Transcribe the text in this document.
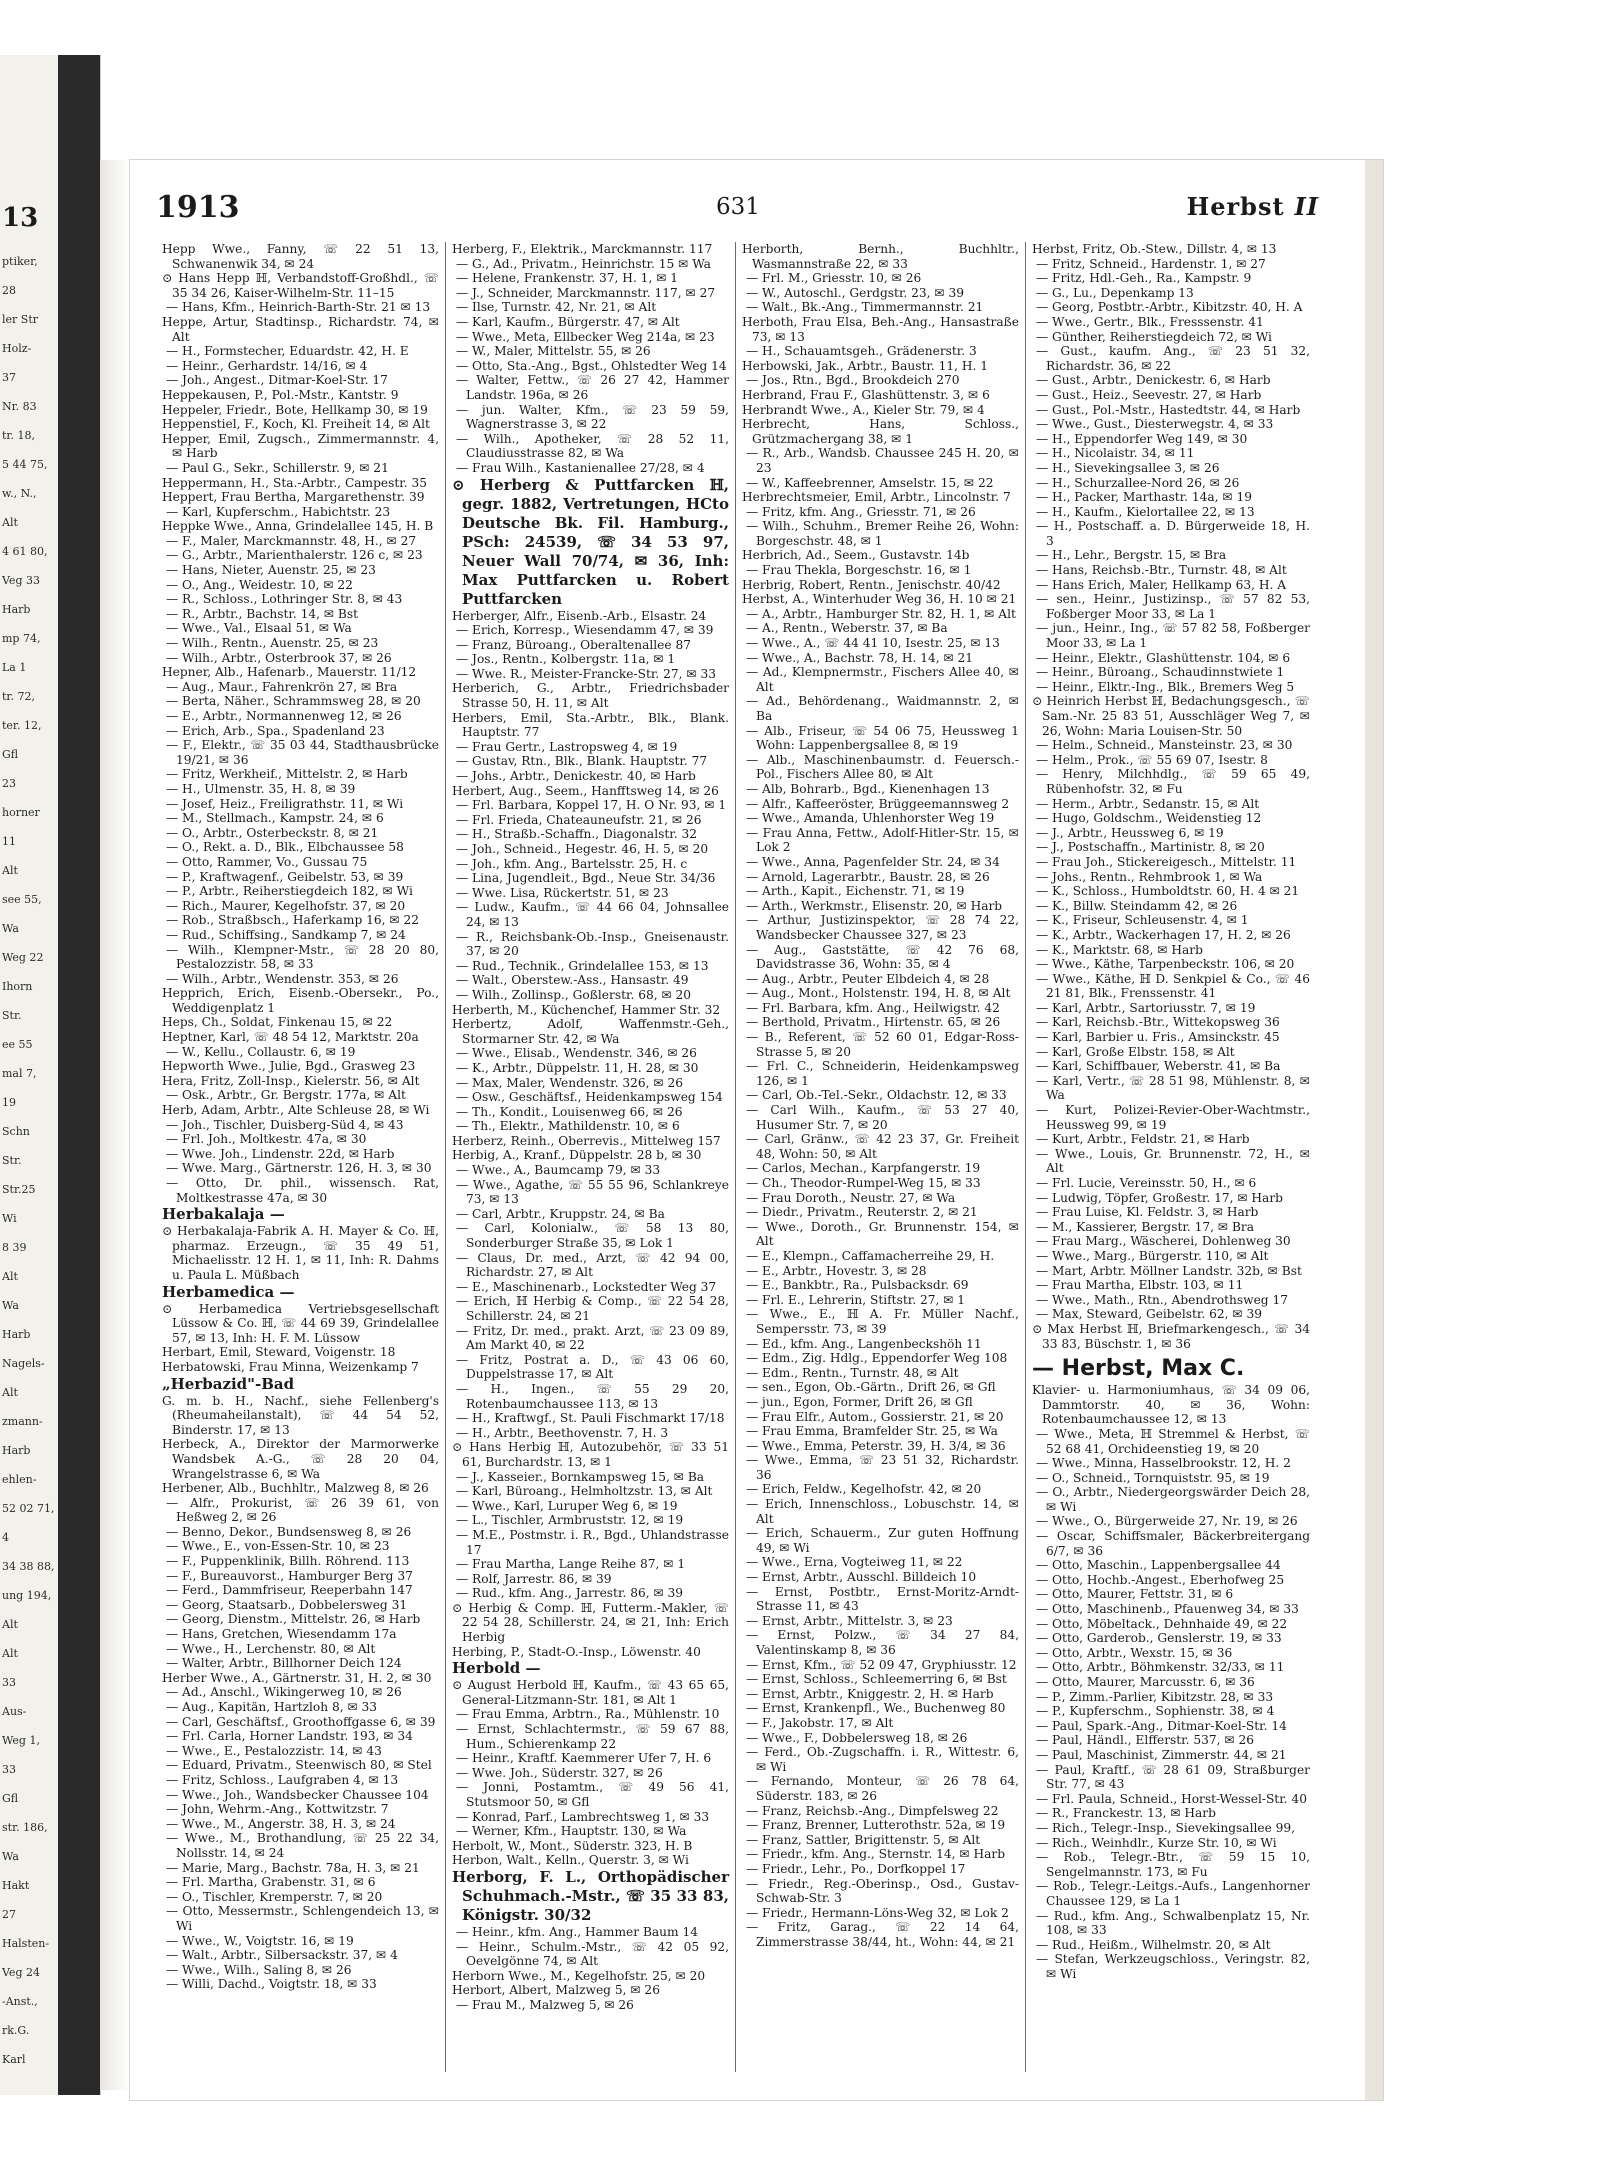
13
ptiker,
28
ler Str
Holz-
37
Nr. 83
tr. 18,
5 44 75,
w., N.,
Alt
4 61 80,
Veg 33
Harb
mp 74,
La 1
tr. 72,
ter. 12,
Gfl
23
horner
11
Alt
see 55,
Wa
Weg 22
Ihorn
Str.
ee 55
mal 7,
19
Schn
Str.
Str.25
Wi
8 39
Alt
Wa
Harb
Nagels-
Alt
zmann-
Harb
ehlen-
52 02 71,
4
34 38 88,
ung 194,
Alt
Alt
33
Aus-
Weg 1,
33
Gfl
str. 186,
Wa
Hakt
27
Halsten-
Veg 24
-Anst.,
rk.G.
Karl
1913	631	Herbst II

Hepp Wwe., Fanny, ☏ 22 51 13, Schwanenwik 34, ✉ 24

⊙ Hans Hepp ℍ, Verbandstoff-Großhdl., ☏ 35 34 26, Kaiser-Wilhelm-Str. 11–15

— Hans, Kfm., Heinrich-Barth-Str. 21 ✉ 13

Heppe, Artur, Stadtinsp., Richardstr. 74, ✉ Alt

— H., Formstecher, Eduardstr. 42, H. E

— Heinr., Gerhardstr. 14/16, ✉ 4

— Joh., Angest., Ditmar-Koel-Str. 17

Heppekausen, P., Pol.-Mstr., Kantstr. 9

Heppeler, Friedr., Bote, Hellkamp 30, ✉ 19

Heppenstiel, F., Koch, Kl. Freiheit 14, ✉ Alt

Hepper, Emil, Zugsch., Zimmermannstr. 4, ✉ Harb

— Paul G., Sekr., Schillerstr. 9, ✉ 21

Heppermann, H., Sta.-Arbtr., Campestr. 35

Heppert, Frau Bertha, Margarethenstr. 39

— Karl, Kupferschm., Habichtstr. 23

Heppke Wwe., Anna, Grindelallee 145, H. B

— F., Maler, Marckmannstr. 48, H., ✉ 27

— G., Arbtr., Marienthalerstr. 126 c, ✉ 23

— Hans, Nieter, Auenstr. 25, ✉ 23

— O., Ang., Weidestr. 10, ✉ 22

— R., Schloss., Lothringer Str. 8, ✉ 43

— R., Arbtr., Bachstr. 14, ✉ Bst

— Wwe., Val., Elsaal 51, ✉ Wa

— Wilh., Rentn., Auenstr. 25, ✉ 23

— Wilh., Arbtr., Osterbrook 37, ✉ 26

Hepner, Alb., Hafenarb., Mauerstr. 11/12

— Aug., Maur., Fahrenkrön 27, ✉ Bra

— Berta, Näher., Schrammsweg 28, ✉ 20

— E., Arbtr., Normannenweg 12, ✉ 26

— Erich, Arb., Spa., Spadenland 23

— F., Elektr., ☏ 35 03 44, Stadthausbrücke 19/21, ✉ 36

— Fritz, Werkheif., Mittelstr. 2, ✉ Harb

— H., Ulmenstr. 35, H. 8, ✉ 39

— Josef, Heiz., Freiligrathstr. 11, ✉ Wi

— M., Stellmach., Kampstr. 24, ✉ 6

— O., Arbtr., Osterbeckstr. 8, ✉ 21

— O., Rekt. a. D., Blk., Elbchaussee 58

— Otto, Rammer, Vo., Gussau 75

— P., Kraftwagenf., Geibelstr. 53, ✉ 39

— P., Arbtr., Reiherstiegdeich 182, ✉ Wi

— Rich., Maurer, Kegelhofstr. 37, ✉ 20

— Rob., Straßbsch., Haferkamp 16, ✉ 22

— Rud., Schiffsing., Sandkamp 7, ✉ 24

— Wilh., Klempner-Mstr., ☏ 28 20 80, Pestalozzistr. 58, ✉ 33

— Wilh., Arbtr., Wendenstr. 353, ✉ 26

Hepprich, Erich, Eisenb.-Obersekr., Po., Weddigenplatz 1

Heps, Ch., Soldat, Finkenau 15, ✉ 22

Heptner, Karl, ☏ 48 54 12, Marktstr. 20a

— W., Kellu., Collaustr. 6, ✉ 19

Hepworth Wwe., Julie, Bgd., Grasweg 23

Hera, Fritz, Zoll-Insp., Kielerstr. 56, ✉ Alt

— Osk., Arbtr., Gr. Bergstr. 177a, ✉ Alt

Herb, Adam, Arbtr., Alte Schleuse 28, ✉ Wi

— Joh., Tischler, Duisberg-Süd 4, ✉ 43

— Frl. Joh., Moltkestr. 47a, ✉ 30

— Wwe. Joh., Lindenstr. 22d, ✉ Harb

— Wwe. Marg., Gärtnerstr. 126, H. 3, ✉ 30

— Otto, Dr. phil., wissensch. Rat, Moltkestrasse 47a, ✉ 30

Herbakalaja —

⊙ Herbakalaja-Fabrik A. H. Mayer & Co. ℍ, pharmaz. Erzeugn., ☏ 35 49 51, Michaelisstr. 12 H. 1, ✉ 11, Inh: R. Dahms u. Paula L. Müßbach

Herbamedica —

⊙ Herbamedica Vertriebsgesellschaft Lüssow & Co. ℍ, ☏ 44 69 39, Grindelallee 57, ✉ 13, Inh: H. F. M. Lüssow

Herbart, Emil, Steward, Voigenstr. 18

Herbatowski, Frau Minna, Weizenkamp 7

„Herbazid"-Bad

G. m. b. H., Nachf., siehe Fellenberg's (Rheumaheilanstalt), ☏ 44 54 52, Binderstr. 17, ✉ 13

Herbeck, A., Direktor der Marmorwerke Wandsbek A.-G., ☏ 28 20 04, Wrangelstrasse 6, ✉ Wa

Herbener, Alb., Buchhltr., Malzweg 8, ✉ 26

— Alfr., Prokurist, ☏ 26 39 61, von Heßweg 2, ✉ 26

— Benno, Dekor., Bundsensweg 8, ✉ 26

— Wwe., E., von-Essen-Str. 10, ✉ 23

— F., Puppenklinik, Billh. Röhrend. 113

— F., Bureauvorst., Hamburger Berg 37

— Ferd., Dammfriseur, Reeperbahn 147

— Georg, Staatsarb., Dobbelersweg 31

— Georg, Dienstm., Mittelstr. 26, ✉ Harb

— Hans, Gretchen, Wiesendamm 17a

— Wwe., H., Lerchenstr. 80, ✉ Alt

— Walter, Arbtr., Billhorner Deich 124

Herber Wwe., A., Gärtnerstr. 31, H. 2, ✉ 30

— Ad., Anschl., Wikingerweg 10, ✉ 26

— Aug., Kapitän, Hartzloh 8, ✉ 33

— Carl, Geschäftsf., Groothoffgasse 6, ✉ 39

— Frl. Carla, Horner Landstr. 193, ✉ 34

— Wwe., E., Pestalozzistr. 14, ✉ 43

— Eduard, Privatm., Steenwisch 80, ✉ Stel

— Fritz, Schloss., Laufgraben 4, ✉ 13

— Wwe., Joh., Wandsbecker Chaussee 104

— John, Wehrm.-Ang., Kottwitzstr. 7

— Wwe., M., Angerstr. 38, H. 3, ✉ 24

— Wwe., M., Brothandlung, ☏ 25 22 34, Nollsstr. 14, ✉ 24

— Marie, Marg., Bachstr. 78a, H. 3, ✉ 21

— Frl. Martha, Grabenstr. 31, ✉ 6

— O., Tischler, Kremperstr. 7, ✉ 20

— Otto, Messermstr., Schlengendeich 13, ✉ Wi

— Wwe., W., Voigtstr. 16, ✉ 19

— Walt., Arbtr., Silbersackstr. 37, ✉ 4

— Wwe., Wilh., Saling 8, ✉ 26

— Willi, Dachd., Voigtstr. 18, ✉ 33

Herberg, F., Elektrik., Marckmannstr. 117

— G., Ad., Privatm., Heinrichstr. 15 ✉ Wa

— Helene, Frankenstr. 37, H. 1, ✉ 1

— J., Schneider, Marckmannstr. 117, ✉ 27

— Ilse, Turnstr. 42, Nr. 21, ✉ Alt

— Karl, Kaufm., Bürgerstr. 47, ✉ Alt

— Wwe., Meta, Ellbecker Weg 214a, ✉ 23

— W., Maler, Mittelstr. 55, ✉ 26

— Otto, Sta.-Ang., Bgst., Ohlstedter Weg 14

— Walter, Fettw., ☏ 26 27 42, Hammer Landstr. 196a, ✉ 26

— jun. Walter, Kfm., ☏ 23 59 59, Wagnerstrasse 3, ✉ 22

— Wilh., Apotheker, ☏ 28 52 11, Claudiusstrasse 82, ✉ Wa

— Frau Wilh., Kastanienallee 27/28, ✉ 4

⊙ Herberg & Puttfarcken ℍ, gegr. 1882, Vertretungen, HCto Deutsche Bk. Fil. Hamburg., PSch: 24539, ☏ 34 53 97, Neuer Wall 70/74, ✉ 36, Inh: Max Puttfarcken u. Robert Puttfarcken

Herberger, Alfr., Eisenb.-Arb., Elsastr. 24

— Erich, Korresp., Wiesendamm 47, ✉ 39

— Franz, Büroang., Oberaltenallee 87

— Jos., Rentn., Kolbergstr. 11a, ✉ 1

— Wwe. R., Meister-Francke-Str. 27, ✉ 33

Herberich, G., Arbtr., Friedrichsbader Strasse 50, H. 11, ✉ Alt

Herbers, Emil, Sta.-Arbtr., Blk., Blank. Hauptstr. 77

— Frau Gertr., Lastropsweg 4, ✉ 19

— Gustav, Rtn., Blk., Blank. Hauptstr. 77

— Johs., Arbtr., Denickestr. 40, ✉ Harb

Herbert, Aug., Seem., Hanfftsweg 14, ✉ 26

— Frl. Barbara, Koppel 17, H. O Nr. 93, ✉ 1

— Frl. Frieda, Chateauneufstr. 21, ✉ 26

— H., Straßb.-Schaffn., Diagonalstr. 32

— Joh., Schneid., Hegestr. 46, H. 5, ✉ 20

— Joh., kfm. Ang., Bartelsstr. 25, H. c

— Lina, Jugendleit., Bgd., Neue Str. 34/36

— Wwe. Lisa, Rückertstr. 51, ✉ 23

— Ludw., Kaufm., ☏ 44 66 04, Johnsallee 24, ✉ 13

— R., Reichsbank-Ob.-Insp., Gneisenaustr. 37, ✉ 20

— Rud., Technik., Grindelallee 153, ✉ 13

— Walt., Oberstew.-Ass., Hansastr. 49

— Wilh., Zollinsp., Goßlerstr. 68, ✉ 20

Herberth, M., Küchenchef, Hammer Str. 32

Herbertz, Adolf, Waffenmstr.-Geh., Stormarner Str. 42, ✉ Wa

— Wwe., Elisab., Wendenstr. 346, ✉ 26

— K., Arbtr., Düppelstr. 11, H. 28, ✉ 30

— Max, Maler, Wendenstr. 326, ✉ 26

— Osw., Geschäftsf., Heidenkampsweg 154

— Th., Kondit., Louisenweg 66, ✉ 26

— Th., Elektr., Mathildenstr. 10, ✉ 6

Herberz, Reinh., Oberrevis., Mittelweg 157

Herbig, A., Kranf., Düppelstr. 28 b, ✉ 30

— Wwe., A., Baumcamp 79, ✉ 33

— Wwe., Agathe, ☏ 55 55 96, Schlankreye 73, ✉ 13

— Carl, Arbtr., Kruppstr. 24, ✉ Ba

— Carl, Kolonialw., ☏ 58 13 80, Sonderburger Straße 35, ✉ Lok 1

— Claus, Dr. med., Arzt, ☏ 42 94 00, Richardstr. 27, ✉ Alt

— E., Maschinenarb., Lockstedter Weg 37

— Erich, ℍ Herbig & Comp., ☏ 22 54 28, Schillerstr. 24, ✉ 21

— Fritz, Dr. med., prakt. Arzt, ☏ 23 09 89, Am Markt 40, ✉ 22

— Fritz, Postrat a. D., ☏ 43 06 60, Duppelstrasse 17, ✉ Alt

— H., Ingen., ☏ 55 29 20, Rotenbaumchaussee 113, ✉ 13

— H., Kraftwgf., St. Pauli Fischmarkt 17/18

— H., Arbtr., Beethovenstr. 7, H. 3

⊙ Hans Herbig ℍ, Autozubehör, ☏ 33 51 61, Burchardstr. 13, ✉ 1

— J., Kasseier., Bornkampsweg 15, ✉ Ba

— Karl, Büroang., Helmholtzstr. 13, ✉ Alt

— Wwe., Karl, Luruper Weg 6, ✉ 19

— L., Tischler, Armbruststr. 12, ✉ 19

— M.E., Postmstr. i. R., Bgd., Uhlandstrasse 17

— Frau Martha, Lange Reihe 87, ✉ 1

— Rolf, Jarrestr. 86, ✉ 39

— Rud., kfm. Ang., Jarrestr. 86, ✉ 39

⊙ Herbig & Comp. ℍ, Futterm.-Makler, ☏ 22 54 28, Schillerstr. 24, ✉ 21, Inh: Erich Herbig

Herbing, P., Stadt-O.-Insp., Löwenstr. 40

Herbold —

⊙ August Herbold ℍ, Kaufm., ☏ 43 65 65, General-Litzmann-Str. 181, ✉ Alt 1

— Frau Emma, Arbtrn., Ra., Mühlenstr. 10

— Ernst, Schlachtermstr., ☏ 59 67 88, Hum., Schierenkamp 22

— Heinr., Kraftf. Kaemmerer Ufer 7, H. 6

— Wwe. Joh., Süderstr. 327, ✉ 26

— Jonni, Postamtm., ☏ 49 56 41, Stutsmoor 50, ✉ Gfl

— Konrad, Parf., Lambrechtsweg 1, ✉ 33

— Werner, Kfm., Hauptstr. 130, ✉ Wa

Herbolt, W., Mont., Süderstr. 323, H. B

Herbon, Walt., Kelln., Querstr. 3, ✉ Wi

Herborg, F. L., Orthopädischer Schuhmach.-Mstr., ☏ 35 33 83, Königstr. 30/32

— Heinr., kfm. Ang., Hammer Baum 14

— Heinr., Schulm.-Mstr., ☏ 42 05 92, Oevelgönne 74, ✉ Alt

Herborn Wwe., M., Kegelhofstr. 25, ✉ 20

Herbort, Albert, Malzweg 5, ✉ 26

— Frau M., Malzweg 5, ✉ 26

Herborth, Bernh., Buchhltr., Wasmannstraße 22, ✉ 33

— Frl. M., Griesstr. 10, ✉ 26

— W., Autoschl., Gerdgstr. 23, ✉ 39

— Walt., Bk.-Ang., Timmermannstr. 21

Herboth, Frau Elsa, Beh.-Ang., Hansastraße 73, ✉ 13

— H., Schauamtsgeh., Grädenerstr. 3

Herbowski, Jak., Arbtr., Baustr. 11, H. 1

— Jos., Rtn., Bgd., Brookdeich 270

Herbrand, Frau F., Glashüttenstr. 3, ✉ 6

Herbrandt Wwe., A., Kieler Str. 79, ✉ 4

Herbrecht, Hans, Schloss., Grützmachergang 38, ✉ 1

— R., Arb., Wandsb. Chaussee 245 H. 20, ✉ 23

— W., Kaffeebrenner, Amselstr. 15, ✉ 22

Herbrechtsmeier, Emil, Arbtr., Lincolnstr. 7

— Fritz, kfm. Ang., Griesstr. 71, ✉ 26

— Wilh., Schuhm., Bremer Reihe 26, Wohn: Borgeschstr. 48, ✉ 1

Herbrich, Ad., Seem., Gustavstr. 14b

— Frau Thekla, Borgeschstr. 16, ✉ 1

Herbrig, Robert, Rentn., Jenischstr. 40/42

Herbst, A., Winterhuder Weg 36, H. 10 ✉ 21

— A., Arbtr., Hamburger Str. 82, H. 1, ✉ Alt

— A., Rentn., Weberstr. 37, ✉ Ba

— Wwe., A., ☏ 44 41 10, Isestr. 25, ✉ 13

— Wwe., A., Bachstr. 78, H. 14, ✉ 21

— Ad., Klempnermstr., Fischers Allee 40, ✉ Alt

— Ad., Behördenang., Waidmannstr. 2, ✉ Ba

— Alb., Friseur, ☏ 54 06 75, Heussweg 1 Wohn: Lappenbergsallee 8, ✉ 19

— Alb., Maschinenbaumstr. d. Feuersch.-Pol., Fischers Allee 80, ✉ Alt

— Alb, Bohrarb., Bgd., Kienenhagen 13

— Alfr., Kaffeeröster, Brüggeemannsweg 2

— Wwe., Amanda, Uhlenhorster Weg 19

— Frau Anna, Fettw., Adolf-Hitler-Str. 15, ✉ Lok 2

— Wwe., Anna, Pagenfelder Str. 24, ✉ 34

— Arnold, Lagerarbtr., Baustr. 28, ✉ 26

— Arth., Kapit., Eichenstr. 71, ✉ 19

— Arth., Werkmstr., Elisenstr. 20, ✉ Harb

— Arthur, Justizinspektor, ☏ 28 74 22, Wandsbecker Chaussee 327, ✉ 23

— Aug., Gaststätte, ☏ 42 76 68, Davidstrasse 36, Wohn: 35, ✉ 4

— Aug., Arbtr., Peuter Elbdeich 4, ✉ 28

— Aug., Mont., Holstenstr. 194, H. 8, ✉ Alt

— Frl. Barbara, kfm. Ang., Heilwigstr. 42

— Berthold, Privatm., Hirtenstr. 65, ✉ 26

— B., Referent, ☏ 52 60 01, Edgar-Ross-Strasse 5, ✉ 20

— Frl. C., Schneiderin, Heidenkampsweg 126, ✉ 1

— Carl, Ob.-Tel.-Sekr., Oldachstr. 12, ✉ 33

— Carl Wilh., Kaufm., ☏ 53 27 40, Husumer Str. 7, ✉ 20

— Carl, Gränw., ☏ 42 23 37, Gr. Freiheit 48, Wohn: 50, ✉ Alt

— Carlos, Mechan., Karpfangerstr. 19

— Ch., Theodor-Rumpel-Weg 15, ✉ 33

— Frau Doroth., Neustr. 27, ✉ Wa

— Diedr., Privatm., Reuterstr. 2, ✉ 21

— Wwe., Doroth., Gr. Brunnenstr. 154, ✉ Alt

— E., Klempn., Caffamacherreihe 29, H.

— E., Arbtr., Hovestr. 3, ✉ 28

— E., Bankbtr., Ra., Pulsbacksdr. 69

— Frl. E., Lehrerin, Stiftstr. 27, ✉ 1

— Wwe., E., ℍ A. Fr. Müller Nachf., Sempersstr. 73, ✉ 39

— Ed., kfm. Ang., Langenbeckshöh 11

— Edm., Zig. Hdlg., Eppendorfer Weg 108

— Edm., Rentn., Turnstr. 48, ✉ Alt

— sen., Egon, Ob.-Gärtn., Drift 26, ✉ Gfl

— jun., Egon, Former, Drift 26, ✉ Gfl

— Frau Elfr., Autom., Gossierstr. 21, ✉ 20

— Frau Emma, Bramfelder Str. 25, ✉ Wa

— Wwe., Emma, Peterstr. 39, H. 3/4, ✉ 36

— Wwe., Emma, ☏ 23 51 32, Richardstr. 36

— Erich, Feldw., Kegelhofstr. 42, ✉ 20

— Erich, Innenschloss., Lobuschstr. 14, ✉ Alt

— Erich, Schauerm., Zur guten Hoffnung 49, ✉ Wi

— Wwe., Erna, Vogteiweg 11, ✉ 22

— Ernst, Arbtr., Ausschl. Billdeich 10

— Ernst, Postbtr., Ernst-Moritz-Arndt-Strasse 11, ✉ 43

— Ernst, Arbtr., Mittelstr. 3, ✉ 23

— Ernst, Polzw., ☏ 34 27 84, Valentinskamp 8, ✉ 36

— Ernst, Kfm., ☏ 52 09 47, Gryphiusstr. 12

— Ernst, Schloss., Schleemerring 6, ✉ Bst

— Ernst, Arbtr., Kniggestr. 2, H. ✉ Harb

— Ernst, Krankenpfl., We., Buchenweg 80

— F., Jakobstr. 17, ✉ Alt

— Wwe., F., Dobbelersweg 18, ✉ 26

— Ferd., Ob.-Zugschaffn. i. R., Wittestr. 6, ✉ Wi

— Fernando, Monteur, ☏ 26 78 64, Süderstr. 183, ✉ 26

— Franz, Reichsb.-Ang., Dimpfelsweg 22

— Franz, Brenner, Lutterothstr. 52a, ✉ 19

— Franz, Sattler, Brigittenstr. 5, ✉ Alt

— Friedr., kfm. Ang., Sternstr. 14, ✉ Harb

— Friedr., Lehr., Po., Dorfkoppel 17

— Friedr., Reg.-Oberinsp., Osd., Gustav-Schwab-Str. 3

— Friedr., Hermann-Löns-Weg 32, ✉ Lok 2

— Fritz, Garag., ☏ 22 14 64, Zimmerstrasse 38/44, ht., Wohn: 44, ✉ 21

Herbst, Fritz, Ob.-Stew., Dillstr. 4, ✉ 13

— Fritz, Schneid., Hardenstr. 1, ✉ 27

— Fritz, Hdl.-Geh., Ra., Kampstr. 9

— G., Lu., Depenkamp 13

— Georg, Postbtr.-Arbtr., Kibitzstr. 40, H. A

— Wwe., Gertr., Blk., Fresssenstr. 41

— Günther, Reiherstiegdeich 72, ✉ Wi

— Gust., kaufm. Ang., ☏ 23 51 32, Richardstr. 36, ✉ 22

— Gust., Arbtr., Denickestr. 6, ✉ Harb

— Gust., Heiz., Seevestr. 27, ✉ Harb

— Gust., Pol.-Mstr., Hastedtstr. 44, ✉ Harb

— Wwe., Gust., Diesterwegstr. 4, ✉ 33

— H., Eppendorfer Weg 149, ✉ 30

— H., Nicolaistr. 34, ✉ 11

— H., Sievekingsallee 3, ✉ 26

— H., Schurzallee-Nord 26, ✉ 26

— H., Packer, Marthastr. 14a, ✉ 19

— H., Kaufm., Kielortallee 22, ✉ 13

— H., Postschaff. a. D. Bürgerweide 18, H. 3

— H., Lehr., Bergstr. 15, ✉ Bra

— Hans, Reichsb.-Btr., Turnstr. 48, ✉ Alt

— Hans Erich, Maler, Hellkamp 63, H. A

— sen., Heinr., Justizinsp., ☏ 57 82 53, Foßberger Moor 33, ✉ La 1

— jun., Heinr., Ing., ☏ 57 82 58, Foßberger Moor 33, ✉ La 1

— Heinr., Elektr., Glashüttenstr. 104, ✉ 6

— Heinr., Büroang., Schaudinnstwiete 1

— Heinr., Elktr.-Ing., Blk., Bremers Weg 5

⊙ Heinrich Herbst ℍ, Bedachungsgesch., ☏ Sam.-Nr. 25 83 51, Ausschläger Weg 7, ✉ 26, Wohn: Maria Louisen-Str. 50

— Helm., Schneid., Mansteinstr. 23, ✉ 30

— Helm., Prok., ☏ 55 69 07, Isestr. 8

— Henry, Milchhdlg., ☏ 59 65 49, Rübenhofstr. 32, ✉ Fu

— Herm., Arbtr., Sedanstr. 15, ✉ Alt

— Hugo, Goldschm., Weidenstieg 12

— J., Arbtr., Heussweg 6, ✉ 19

— J., Postschaffn., Martinistr. 8, ✉ 20

— Frau Joh., Stickereigesch., Mittelstr. 11

— Johs., Rentn., Rehmbrook 1, ✉ Wa

— K., Schloss., Humboldtstr. 60, H. 4 ✉ 21

— K., Billw. Steindamm 42, ✉ 26

— K., Friseur, Schleusenstr. 4, ✉ 1

— K., Arbtr., Wackerhagen 17, H. 2, ✉ 26

— K., Marktstr. 68, ✉ Harb

— Wwe., Käthe, Tarpenbeckstr. 106, ✉ 20

— Wwe., Käthe, ℍ D. Senkpiel & Co., ☏ 46 21 81, Blk., Frenssenstr. 41

— Karl, Arbtr., Sartoriusstr. 7, ✉ 19

— Karl, Reichsb.-Btr., Wittekopsweg 36

— Karl, Barbier u. Fris., Amsinckstr. 45

— Karl, Große Elbstr. 158, ✉ Alt

— Karl, Schiffbauer, Weberstr. 41, ✉ Ba

— Karl, Vertr., ☏ 28 51 98, Mühlenstr. 8, ✉ Wa

— Kurt, Polizei-Revier-Ober-Wachtmstr., Heussweg 99, ✉ 19

— Kurt, Arbtr., Feldstr. 21, ✉ Harb

— Wwe., Louis, Gr. Brunnenstr. 72, H., ✉ Alt

— Frl. Lucie, Vereinsstr. 50, H., ✉ 6

— Ludwig, Töpfer, Großestr. 17, ✉ Harb

— Frau Luise, Kl. Feldstr. 3, ✉ Harb

— M., Kassierer, Bergstr. 17, ✉ Bra

— Frau Marg., Wäscherei, Dohlenweg 30

— Wwe., Marg., Bürgerstr. 110, ✉ Alt

— Mart, Arbtr. Möllner Landstr. 32b, ✉ Bst

— Frau Martha, Elbstr. 103, ✉ 11

— Wwe., Math., Rtn., Abendrothsweg 17

— Max, Steward, Geibelstr. 62, ✉ 39

⊙ Max Herbst ℍ, Briefmarkengesch., ☏ 34 33 83, Büschstr. 1, ✉ 36

— Herbst, Max C.

Klavier- u. Harmoniumhaus, ☏ 34 09 06, Dammtorstr. 40, ✉ 36, Wohn: Rotenbaumchaussee 12, ✉ 13

— Wwe., Meta, ℍ Stremmel & Herbst, ☏ 52 68 41, Orchideenstieg 19, ✉ 20

— Wwe., Minna, Hasselbrookstr. 12, H. 2

— O., Schneid., Tornquiststr. 95, ✉ 19

— O., Arbtr., Niedergeorgswärder Deich 28, ✉ Wi

— Wwe., O., Bürgerweide 27, Nr. 19, ✉ 26

— Oscar, Schiffsmaler, Bäckerbreitergang 6/7, ✉ 36

— Otto, Maschin., Lappenbergsallee 44

— Otto, Hochb.-Angest., Eberhofweg 25

— Otto, Maurer, Fettstr. 31, ✉ 6

— Otto, Maschinenb., Pfauenweg 34, ✉ 33

— Otto, Möbeltack., Dehnhaide 49, ✉ 22

— Otto, Garderob., Genslerstr. 19, ✉ 33

— Otto, Arbtr., Wexstr. 15, ✉ 36

— Otto, Arbtr., Böhmkenstr. 32/33, ✉ 11

— Otto, Maurer, Marcusstr. 6, ✉ 36

— P., Zimm.-Parlier, Kibitzstr. 28, ✉ 33

— P., Kupferschm., Sophienstr. 38, ✉ 4

— Paul, Spark.-Ang., Ditmar-Koel-Str. 14

— Paul, Händl., Elfferstr. 537, ✉ 26

— Paul, Maschinist, Zimmerstr. 44, ✉ 21

— Paul, Kraftf., ☏ 28 61 09, Straßburger Str. 77, ✉ 43

— Frl. Paula, Schneid., Horst-Wessel-Str. 40

— R., Franckestr. 13, ✉ Harb

— Rich., Telegr.-Insp., Sievekingsallee 99,

— Rich., Weinhdlr., Kurze Str. 10, ✉ Wi

— Rob., Telegr.-Btr., ☏ 59 15 10, Sengelmannstr. 173, ✉ Fu

— Rob., Telegr.-Leitgs.-Aufs., Langenhorner Chaussee 129, ✉ La 1

— Rud., kfm. Ang., Schwalbenplatz 15, Nr. 108, ✉ 33

— Rud., Heißm., Wilhelmstr. 20, ✉ Alt

— Stefan, Werkzeugschloss., Veringstr. 82, ✉ Wi
